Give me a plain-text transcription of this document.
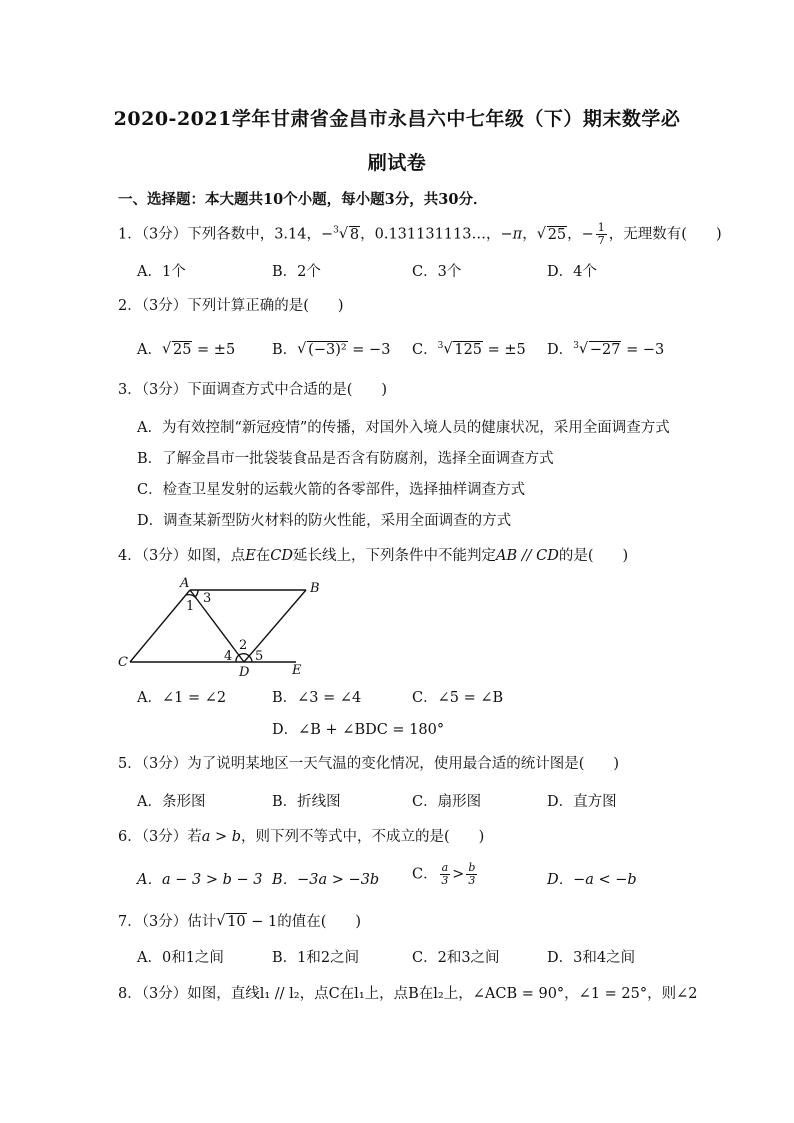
2020-2021学年甘肃省金昌市永昌六中七年级（下）期末数学必
刷试卷
一、选择题：本大题共10个小题，每小题3分，共30分．
1．（3分）下列各数中，3.14，−$^3$ √ 8，0.131131113…，−π， √ 25，− $\frac{1}{7}$ ，无理数有(　　)
A．1个	B．2个	C．3个	D．4个
2．（3分）下列计算正确的是(　　)
A． √ 25 = ±5	B． √ (−3)² = −3 C．$^3$ √ 125 = ±5 D．$^3$ √ −27 = −3
3．（3分）下面调查方式中合适的是(　　)
A．为有效控制“新冠疫情”的传播，对国外入境人员的健康状况，采用全面调查方式
B．了解金昌市一批袋装食品是否含有防腐剂，选择全面调查方式
C．检查卫星发射的运载火箭的各零部件，选择抽样调查方式
D．调查某新型防火材料的防火性能，采用全面调查的方式
4．（3分）如图，点E在CD延长线上，下列条件中不能判定AB // CD的是(　　)
A	B
C
D	E
1
3
2
4 5
A．∠1 = ∠2	B．∠3 = ∠4	C．∠5 = ∠B
D．∠B + ∠BDC = 180°
5．（3分）为了说明某地区一天气温的变化情况，使用最合适的统计图是(　　)
A．条形图	B．折线图	C．扇形图	D．直方图
6．（3分）若a > b，则下列不等式中，不成立的是(　　)
A．a − 3 > b − 3 B．−3a > −3b C． $\frac{a}{3} > \frac{b}{3}$	D．−a < −b
7．（3分）估计 √ 10 − 1的值在(　　)
A．0和1之间	B．1和2之间	C．2和3之间	D．3和4之间
8．（3分）如图，直线l₁ // l₂，点C在l₁上，点B在l₂上，∠ACB = 90°，∠1 = 25°，则∠2
